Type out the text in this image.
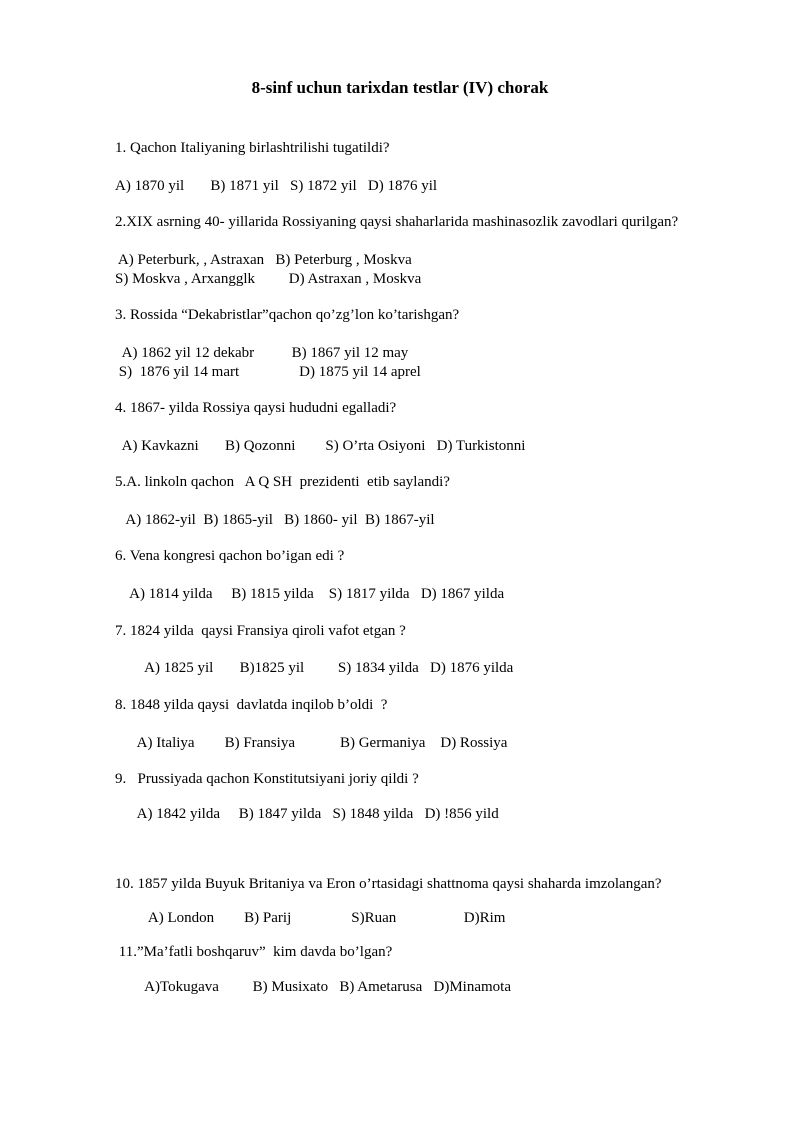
8-sinf uchun tarixdan testlar (IV) chorak
1. Qachon Italiyaning birlashtrilishi tugatildi?
A) 1870 yil       B) 1871 yil   S) 1872 yil   D) 1876 yil
2.XIX asrning 40- yillarida Rossiyaning qaysi shaharlarida mashinasozlik zavodlari qurilgan?
A) Peterburk, , Astraxan   B) Peterburg , Moskva
S) Moskva , Arxangglk         D) Astraxan , Moskva
3. Rossida “Dekabristlar”qachon qo’zg’lon ko’tarishgan?
A) 1862 yil 12 dekabr          B) 1867 yil 12 may
S)  1876 yil 14 mart                D) 1875 yil 14 aprel
4. 1867- yilda Rossiya qaysi hududni egalladi?
A) Kavkazni       B) Qozonni        S) O’rta Osiyoni   D) Turkistonni
5.A. linkoln qachon   A Q SH  prezidenti  etib saylandi?
A) 1862-yil  B) 1865-yil   B) 1860- yil  B) 1867-yil
6. Vena kongresi qachon bo’igan edi ?
A) 1814 yilda     B) 1815 yilda    S) 1817 yilda   D) 1867 yilda
7. 1824 yilda  qaysi Fransiya qiroli vafot etgan ?
A) 1825 yil       B)1825 yil         S) 1834 yilda   D) 1876 yilda
8. 1848 yilda qaysi  davlatda inqilob b’oldi  ?
A) Italiya        B) Fransiya            B) Germaniya    D) Rossiya
9.   Prussiyada qachon Konstitutsiyani joriy qildi ?
A) 1842 yilda     B) 1847 yilda   S) 1848 yilda   D) !856 yild
10. 1857 yilda Buyuk Britaniya va Eron o’rtasidagi shattnoma qaysi shaharda imzolangan?
A) London        B) Parij                S)Ruan                  D)Rim
11.”Ma’fatli boshqaruv”  kim davda bo’lgan?
A)Tokugava         B) Musixato   B) Ametarusa   D)Minamota
